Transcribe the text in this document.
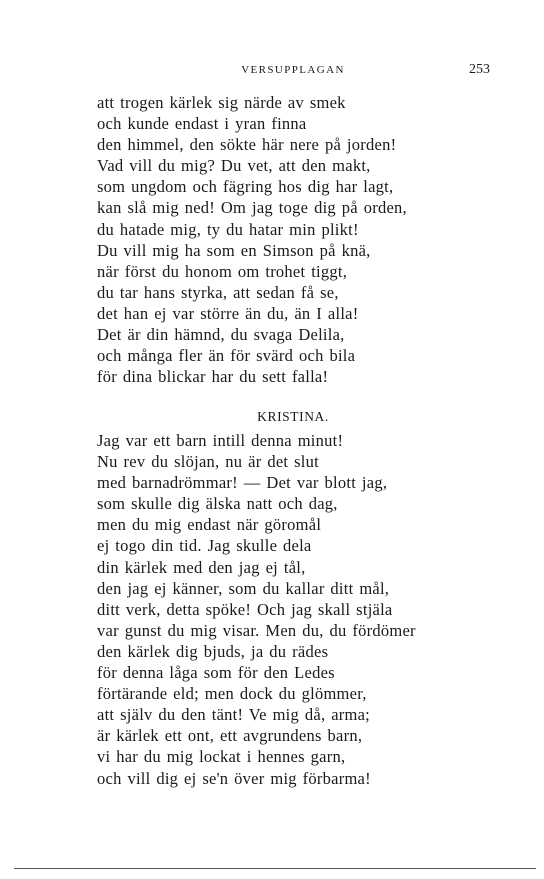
VERSUPPLAGAN	253
att trogen kärlek sig närde av smek
och kunde endast i yran finna
den himmel, den sökte här nere på jorden!
Vad vill du mig? Du vet, att den makt,
som ungdom och fägring hos dig har lagt,
kan slå mig ned! Om jag toge dig på orden,
du hatade mig, ty du hatar min plikt!
Du vill mig ha som en Simson på knä,
när först du honom om trohet tiggt,
du tar hans styrka, att sedan få se,
det han ej var större än du, än I alla!
Det är din hämnd, du svaga Delila,
och många fler än för svärd och bila
för dina blickar har du sett falla!
KRISTINA.
Jag var ett barn intill denna minut!
Nu rev du slöjan, nu är det slut
med barnadrömmar! — Det var blott jag,
som skulle dig älska natt och dag,
men du mig endast när göromål
ej togo din tid. Jag skulle dela
din kärlek med den jag ej tål,
den jag ej känner, som du kallar ditt mål,
ditt verk, detta spöke! Och jag skall stjäla
var gunst du mig visar. Men du, du fördömer
den kärlek dig bjuds, ja du rädes
för denna låga som för den Ledes
förtärande eld; men dock du glömmer,
att själv du den tänt! Ve mig då, arma;
är kärlek ett ont, ett avgrundens barn,
vi har du mig lockat i hennes garn,
och vill dig ej se'n över mig förbarma!
